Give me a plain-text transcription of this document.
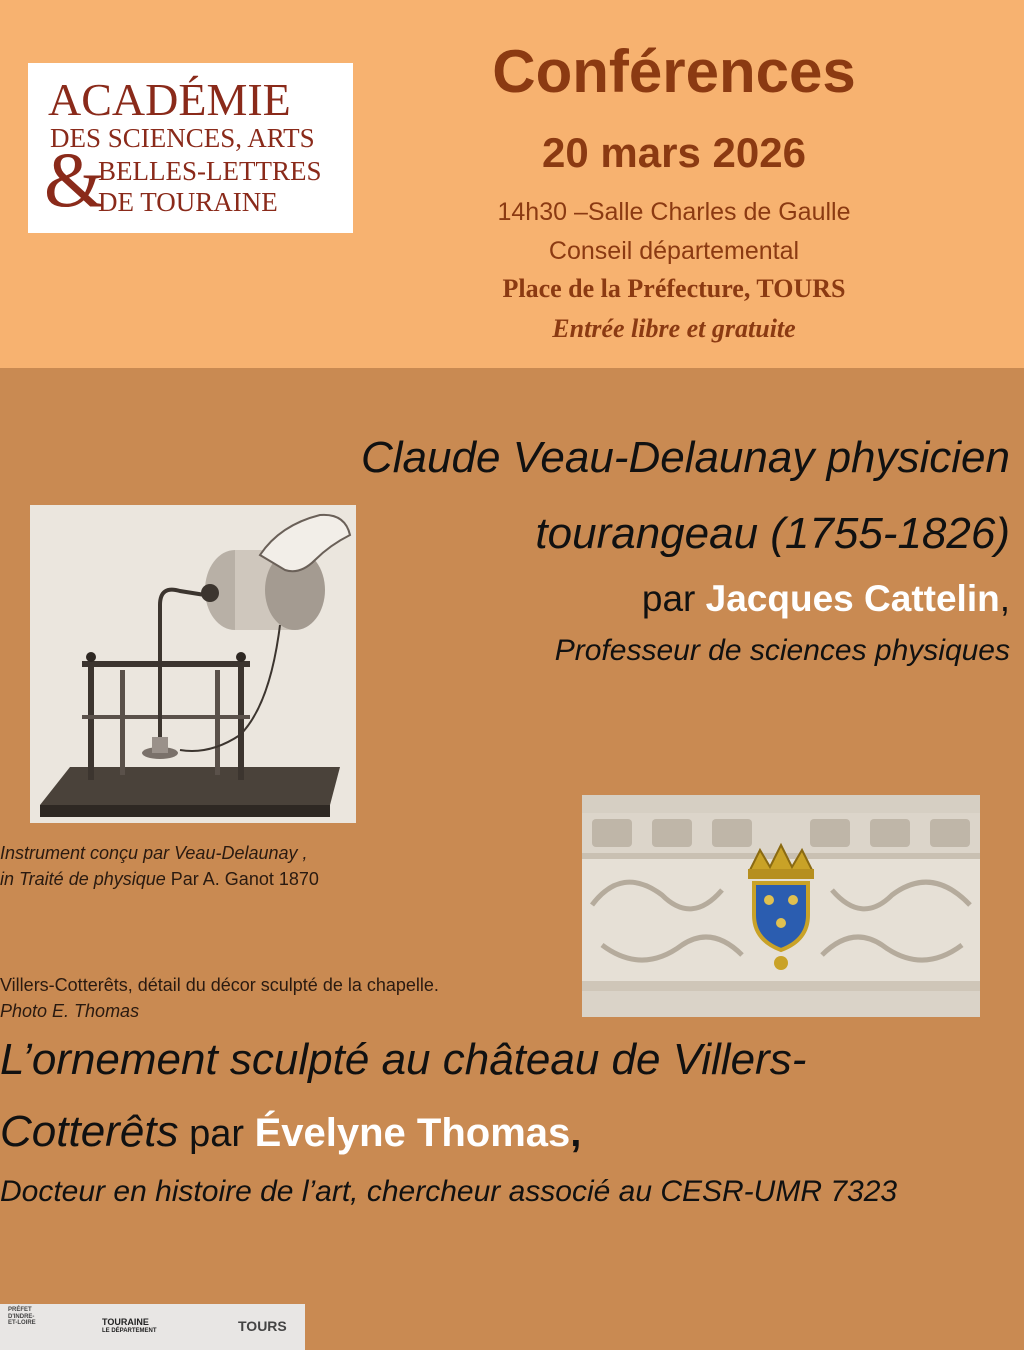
ACADÉMIE
DES SCIENCES, ARTS
&
BELLES-LETTRES
DE TOURAINE
Conférences
20 mars 2026
14h30 –Salle Charles de Gaulle
Conseil départemental
Place de la Préfecture, TOURS
Entrée libre et gratuite
Claude Veau-Delaunay physicien
tourangeau (1755-1826)
par Jacques Cattelin,
Professeur de sciences physiques
Instrument conçu par Veau-Delaunay ,
in Traité de physique Par A. Ganot 1870
Villers-Cotterêts, détail du décor sculpté de la chapelle.
Photo E. Thomas
L’ornement sculpté au château de Villers-
Cotterêts par Évelyne Thomas,
Docteur en histoire de l’art, chercheur associé au CESR-UMR 7323
PRÉFET
D'INDRE-
ET-LOIRE	TOURAINE
LE DÉPARTEMENT	TOURS
